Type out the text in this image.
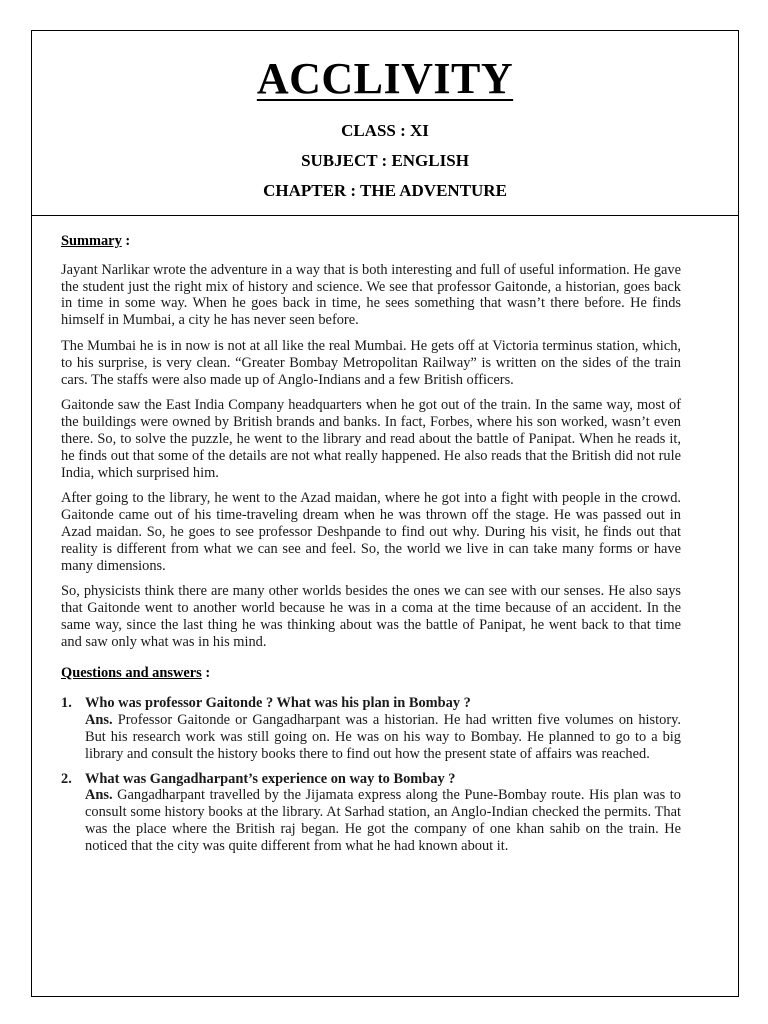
ACCLIVITY
CLASS : XI
SUBJECT : ENGLISH
CHAPTER : THE ADVENTURE
Summary :

Jayant Narlikar wrote the adventure in a way that is both interesting and full of useful information. He gave the student just the right mix of history and science. We see that professor Gaitonde, a historian, goes back in time in some way. When he goes back in time, he sees something that wasn’t there before. He finds himself in Mumbai, a city he has never seen before.

The Mumbai he is in now is not at all like the real Mumbai. He gets off at Victoria terminus station, which, to his surprise, is very clean. “Greater Bombay Metropolitan Railway” is written on the sides of the train cars. The staffs were also made up of Anglo-Indians and a few British officers.

Gaitonde saw the East India Company headquarters when he got out of the train. In the same way, most of the buildings were owned by British brands and banks. In fact, Forbes, where his son worked, wasn’t even there. So, to solve the puzzle, he went to the library and read about the battle of Panipat. When he reads it, he finds out that some of the details are not what really happened. He also reads that the British did not rule India, which surprised him.

After going to the library, he went to the Azad maidan, where he got into a fight with people in the crowd. Gaitonde came out of his time-traveling dream when he was thrown off the stage. He was passed out in Azad maidan. So, he goes to see professor Deshpande to find out why. During his visit, he finds out that reality is different from what we can see and feel. So, the world we live in can take many forms or have many dimensions.

So, physicists think there are many other worlds besides the ones we can see with our senses. He also says that Gaitonde went to another world because he was in a coma at the time because of an accident. In the same way, since the last thing he was thinking about was the battle of Panipat, he went back to that time and saw only what was in his mind.

Questions and answers :
1. Who was professor Gaitonde ? What was his plan in Bombay ?
Ans. Professor Gaitonde or Gangadharpant was a historian. He had written five volumes on history. But his research work was still going on. He was on his way to Bombay. He planned to go to a big library and consult the history books there to find out how the present state of affairs was reached.
2. What was Gangadharpant’s experience on way to Bombay ?
Ans. Gangadharpant travelled by the Jijamata express along the Pune-Bombay route. His plan was to consult some history books at the library. At Sarhad station, an Anglo-Indian checked the permits. That was the place where the British raj began. He got the company of one khan sahib on the train. He noticed that the city was quite different from what he had known about it.
